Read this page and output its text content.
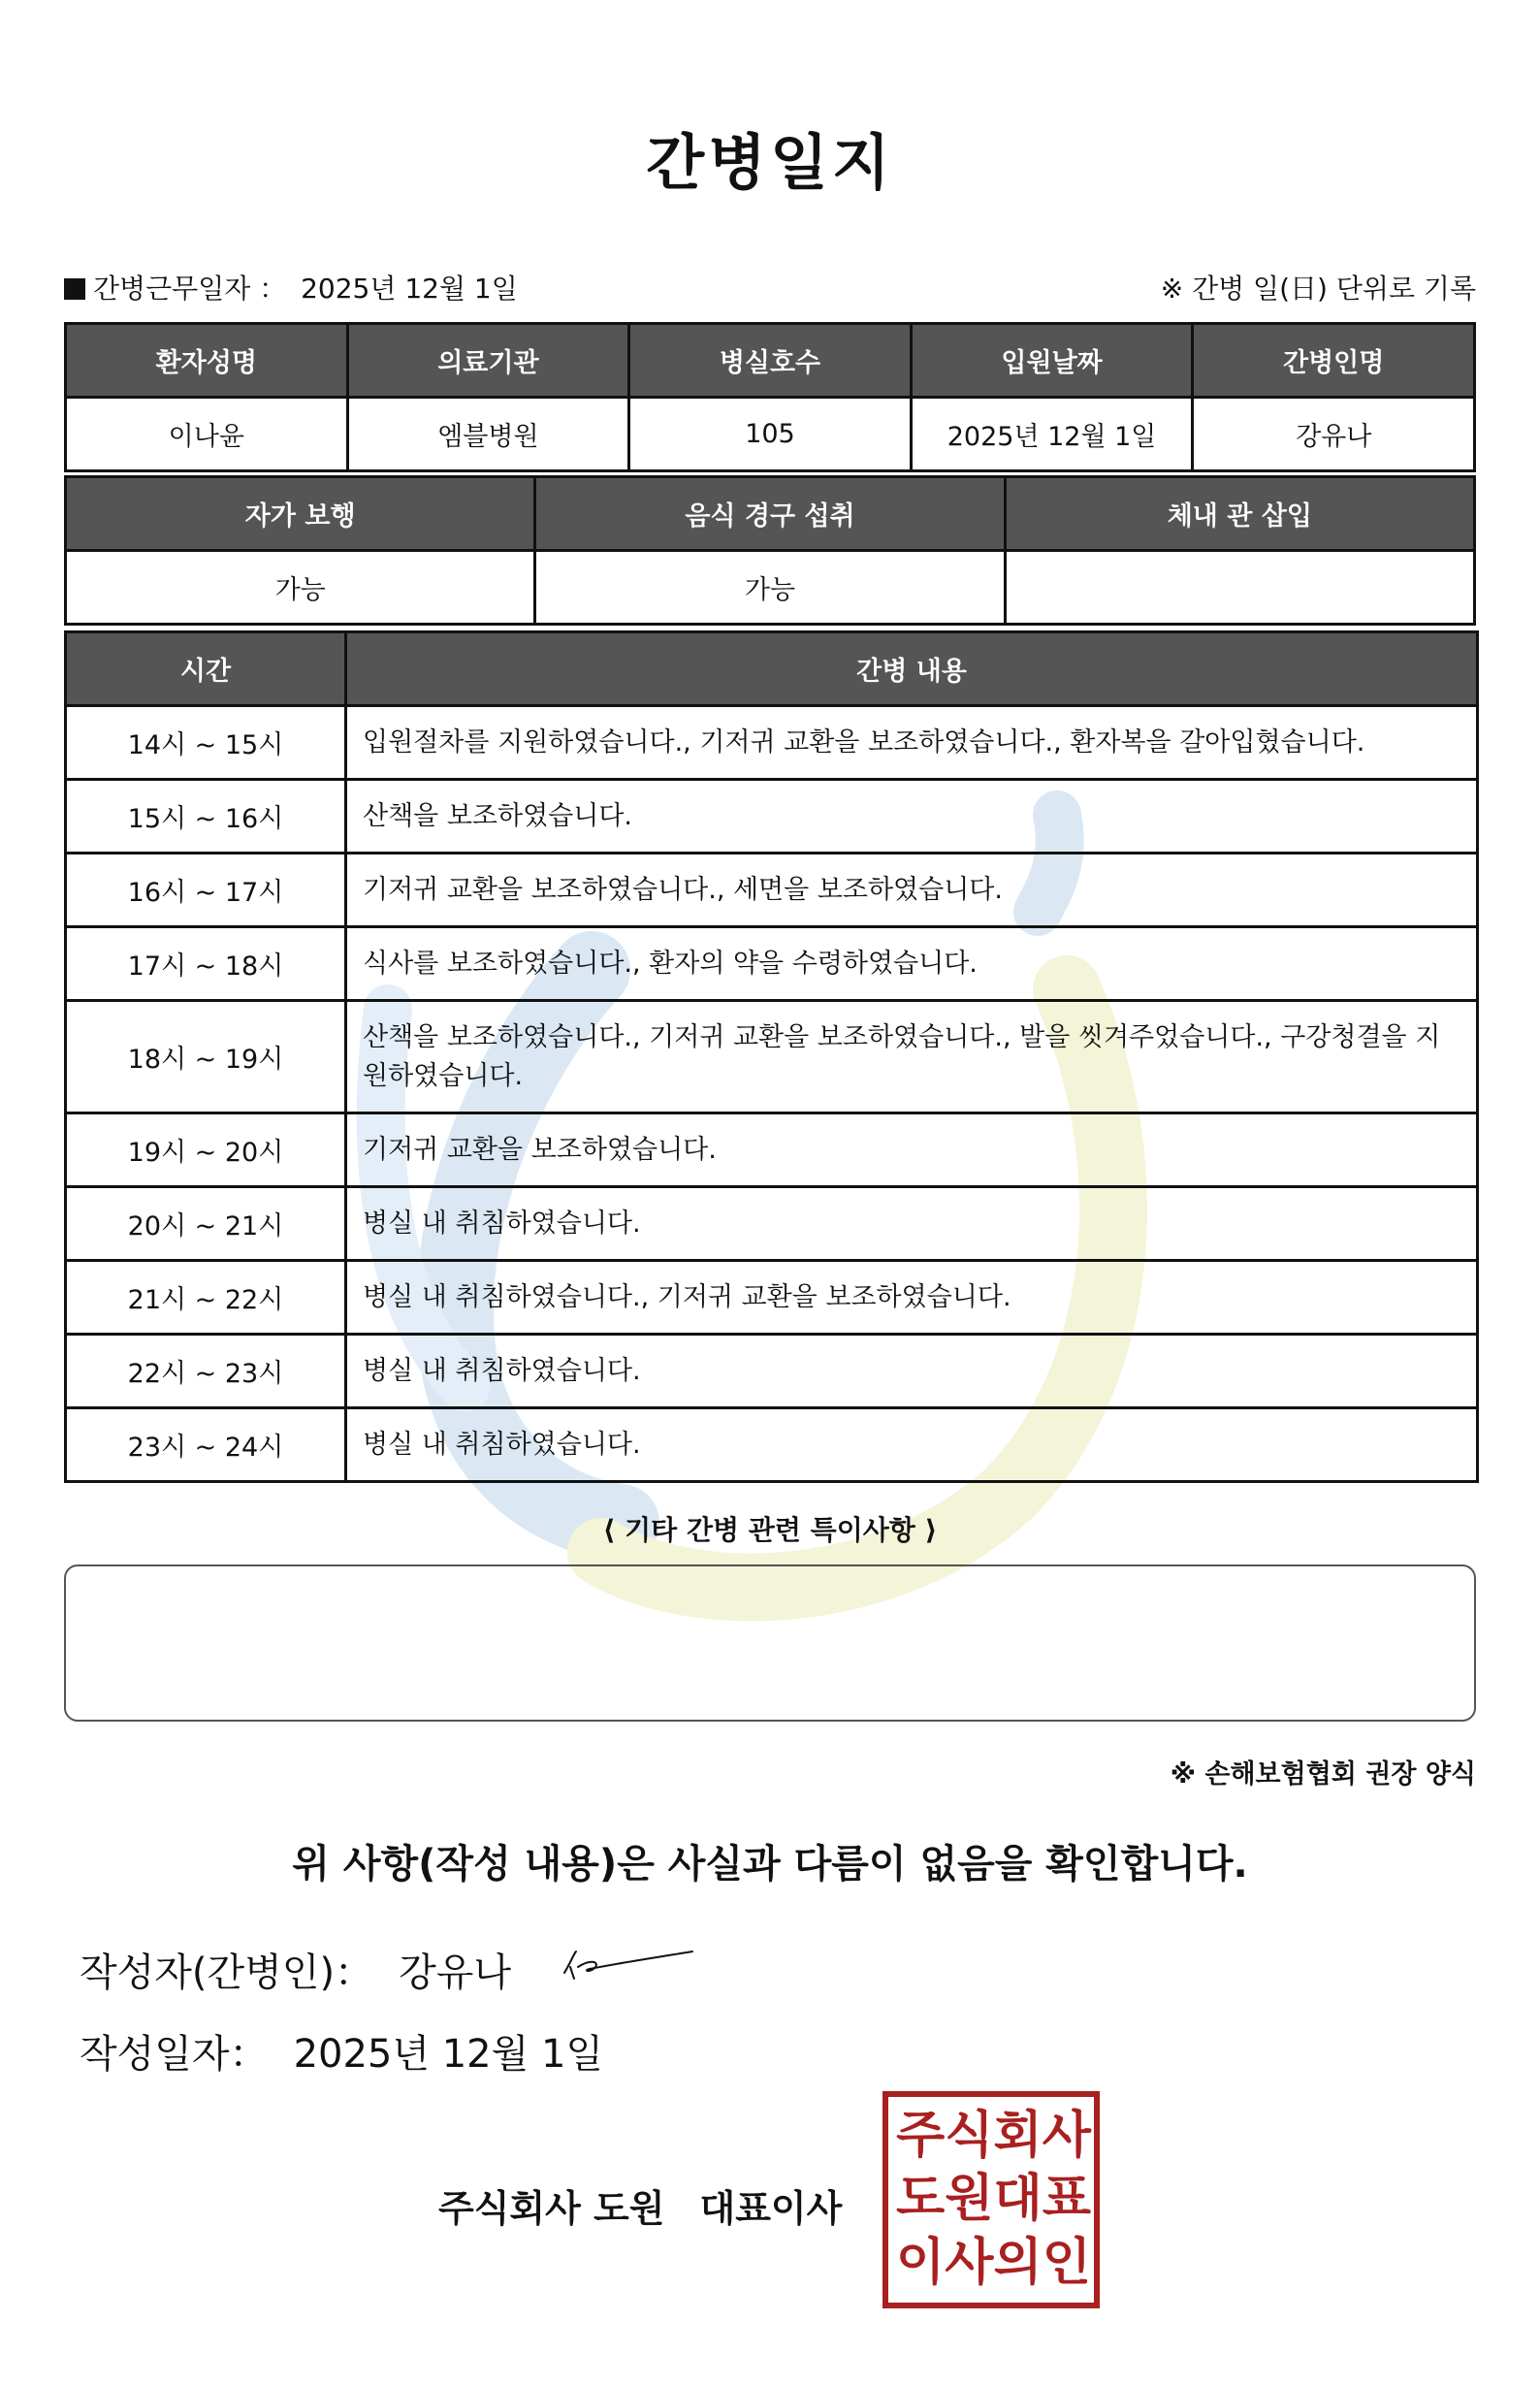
간병일지
간병근무일자 ： 2025년 12월 1일	※ 간병 일(日) 단위로 기록
환자성명	의료기관	병실호수	입원날짜	간병인명
이나윤	엠블병원	105	2025년 12월 1일	강유나
자가 보행	음식 경구 섭취	체내 관 삽입
가능	가능	
시간	간병 내용
14시 ~ 15시	입원절차를 지원하였습니다., 기저귀 교환을 보조하였습니다., 환자복을 갈아입혔습니다.
15시 ~ 16시	산책을 보조하였습니다.
16시 ~ 17시	기저귀 교환을 보조하였습니다., 세면을 보조하였습니다.
17시 ~ 18시	식사를 보조하였습니다., 환자의 약을 수령하였습니다.
18시 ~ 19시	산책을 보조하였습니다., 기저귀 교환을 보조하였습니다., 발을 씻겨주었습니다., 구강청결을 지원하였습니다.
19시 ~ 20시	기저귀 교환을 보조하였습니다.
20시 ~ 21시	병실 내 취침하였습니다.
21시 ~ 22시	병실 내 취침하였습니다., 기저귀 교환을 보조하였습니다.
22시 ~ 23시	병실 내 취침하였습니다.
23시 ~ 24시	병실 내 취침하였습니다.
⟨ 기타 간병 관련 특이사항 ⟩
※ 손해보험협회 권장 양식
위 사항(작성 내용)은 사실과 다름이 없음을 확인합니다.
작성자(간병인)： 강유나
작성일자： 2025년 12월 1일
주식회사 도원 대표이사
주 식 회 사
도 원 대 표
이 사 의 인
